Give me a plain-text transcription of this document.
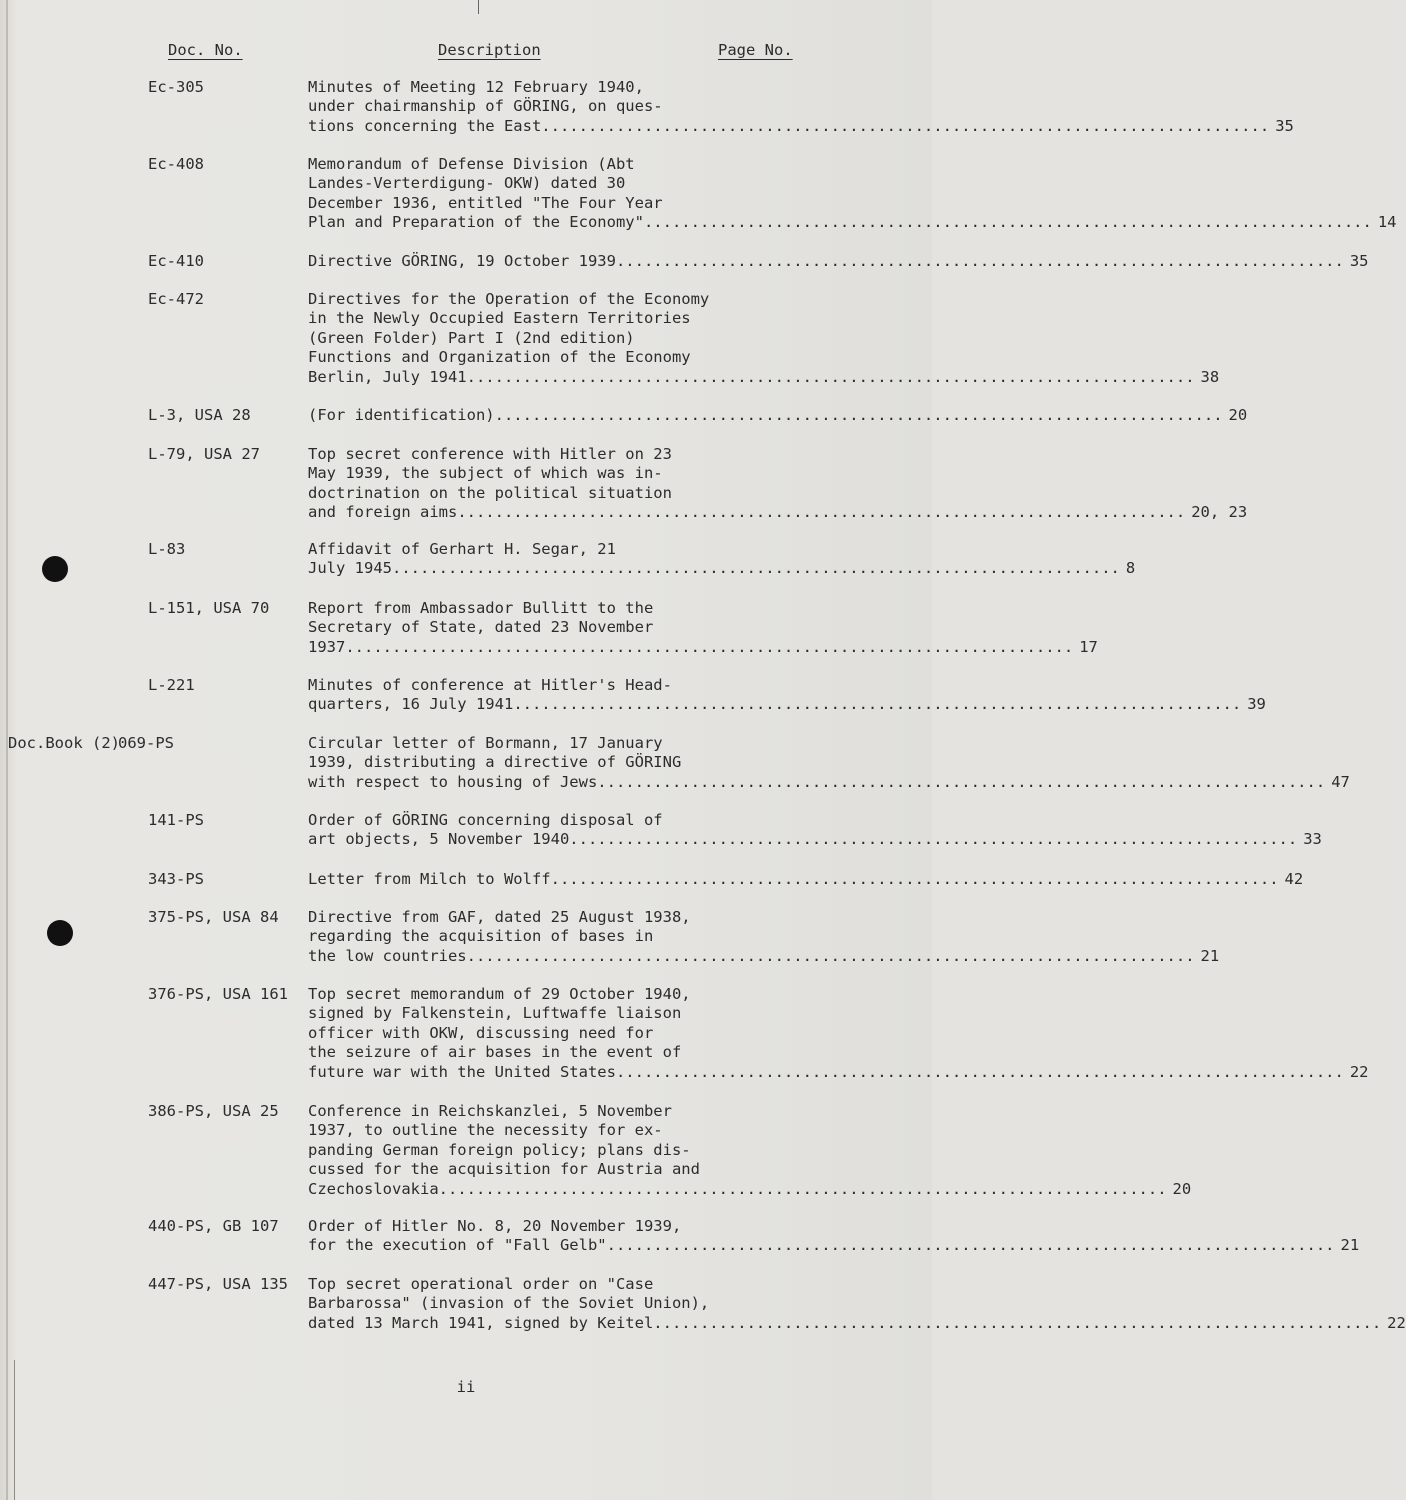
Doc. No.	Description	Page No.
Ec-305	Minutes of Meeting 12 February 1940,
under chairmanship of GÖRING, on ques-
tions concerning the East .............................................................................. 35
Ec-408	Memorandum of Defense Division (Abt
Landes-Verterdigung- OKW) dated 30
December 1936, entitled "The Four Year
Plan and Preparation of the Economy" .............................................................................. 14
Ec-410	Directive GÖRING, 19 October 1939 .............................................................................. 35
Ec-472	Directives for the Operation of the Economy
in the Newly Occupied Eastern Territories
(Green Folder) Part I (2nd edition)
Functions and Organization of the Economy
Berlin, July 1941 .............................................................................. 38
L-3, USA 28	(For identification) .............................................................................. 20
L-79, USA 27	Top secret conference with Hitler on 23
May 1939, the subject of which was in-
doctrination on the political situation
and foreign aims .............................................................................. 20, 23
L-83	Affidavit of Gerhart H. Segar, 21
July 1945 .............................................................................. 8
L-151, USA 70 Report from Ambassador Bullitt to the
Secretary of State, dated 23 November
1937 .............................................................................. 17
L-221	Minutes of conference at Hitler's Head-
quarters, 16 July 1941 .............................................................................. 39
Doc.Book (2)
069-PS	Circular letter of Bormann, 17 January
1939, distributing a directive of GÖRING
with respect to housing of Jews .............................................................................. 47
141-PS	Order of GÖRING concerning disposal of
art objects, 5 November 1940 .............................................................................. 33
343-PS	Letter from Milch to Wolff .............................................................................. 42
375-PS, USA 84 Directive from GAF, dated 25 August 1938,
regarding the acquisition of bases in
the low countries .............................................................................. 21
376-PS, USA 161 Top secret memorandum of 29 October 1940,
signed by Falkenstein, Luftwaffe liaison
officer with OKW, discussing need for
the seizure of air bases in the event of
future war with the United States .............................................................................. 22
386-PS, USA 25 Conference in Reichskanzlei, 5 November
1937, to outline the necessity for ex-
panding German foreign policy; plans dis-
cussed for the acquisition for Austria and
Czechoslovakia .............................................................................. 20
440-PS, GB 107 Order of Hitler No. 8, 20 November 1939,
for the execution of "Fall Gelb" .............................................................................. 21
447-PS, USA 135 Top secret operational order on "Case
Barbarossa" (invasion of the Soviet Union),
dated 13 March 1941, signed by Keitel .............................................................................. 22
ii
